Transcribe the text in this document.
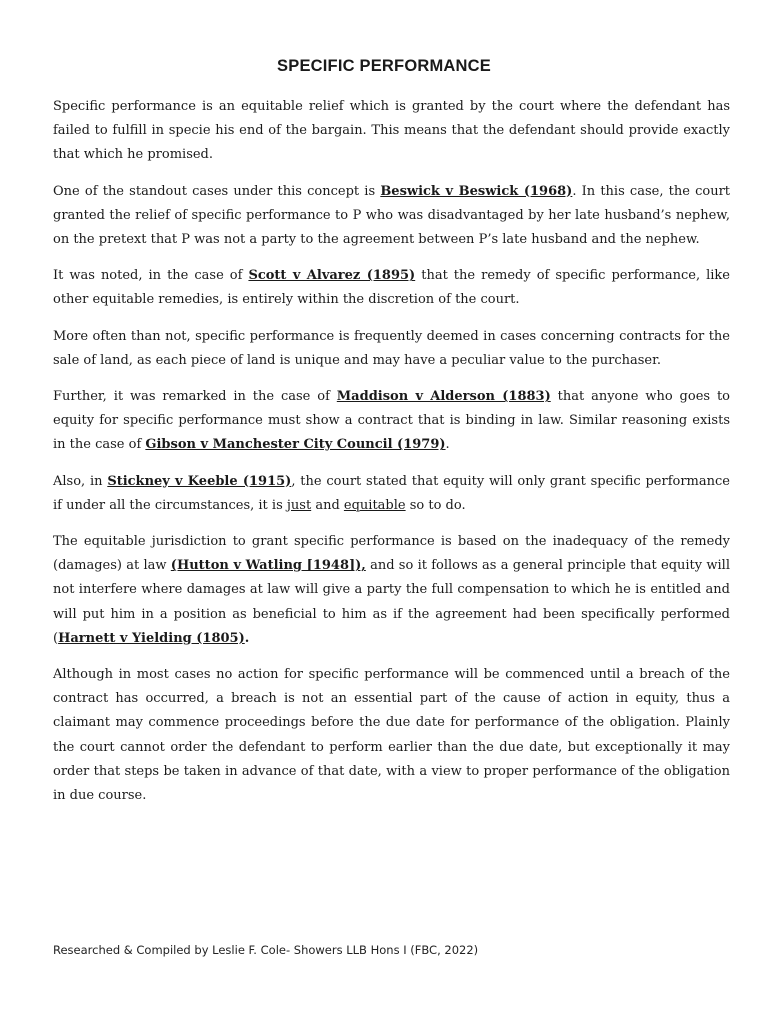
SPECIFIC PERFORMANCE

Specific performance is an equitable relief which is granted by the court where the defendant has failed to fulfill in specie his end of the bargain. This means that the defendant should provide exactly that which he promised.

One of the standout cases under this concept is Beswick v Beswick (1968). In this case, the court granted the relief of specific performance to P who was disadvantaged by her late husband’s nephew, on the pretext that P was not a party to the agreement between P’s late husband and the nephew.

It was noted, in the case of Scott v Alvarez (1895) that the remedy of specific performance, like other equitable remedies, is entirely within the discretion of the court.

More often than not, specific performance is frequently deemed in cases concerning contracts for the sale of land, as each piece of land is unique and may have a peculiar value to the purchaser.

Further, it was remarked in the case of Maddison v Alderson (1883) that anyone who goes to equity for specific performance must show a contract that is binding in law. Similar reasoning exists in the case of Gibson v Manchester City Council (1979).

Also, in Stickney v Keeble (1915), the court stated that equity will only grant specific performance if under all the circumstances, it is just and equitable so to do.

The equitable jurisdiction to grant specific performance is based on the inadequacy of the remedy (damages) at law (Hutton v Watling [1948]), and so it follows as a general principle that equity will not interfere where damages at law will give a party the full compensation to which he is entitled and will put him in a position as beneficial to him as if the agreement had been specifically performed (Harnett v Yielding (1805).

Although in most cases no action for specific performance will be commenced until a breach of the contract has occurred, a breach is not an essential part of the cause of action in equity, thus a claimant may commence proceedings before the due date for performance of the obligation. Plainly the court cannot order the defendant to perform earlier than the due date, but exceptionally it may order that steps be taken in advance of that date, with a view to proper performance of the obligation in due course.

Researched & Compiled by Leslie F. Cole- Showers LLB Hons I (FBC, 2022)
